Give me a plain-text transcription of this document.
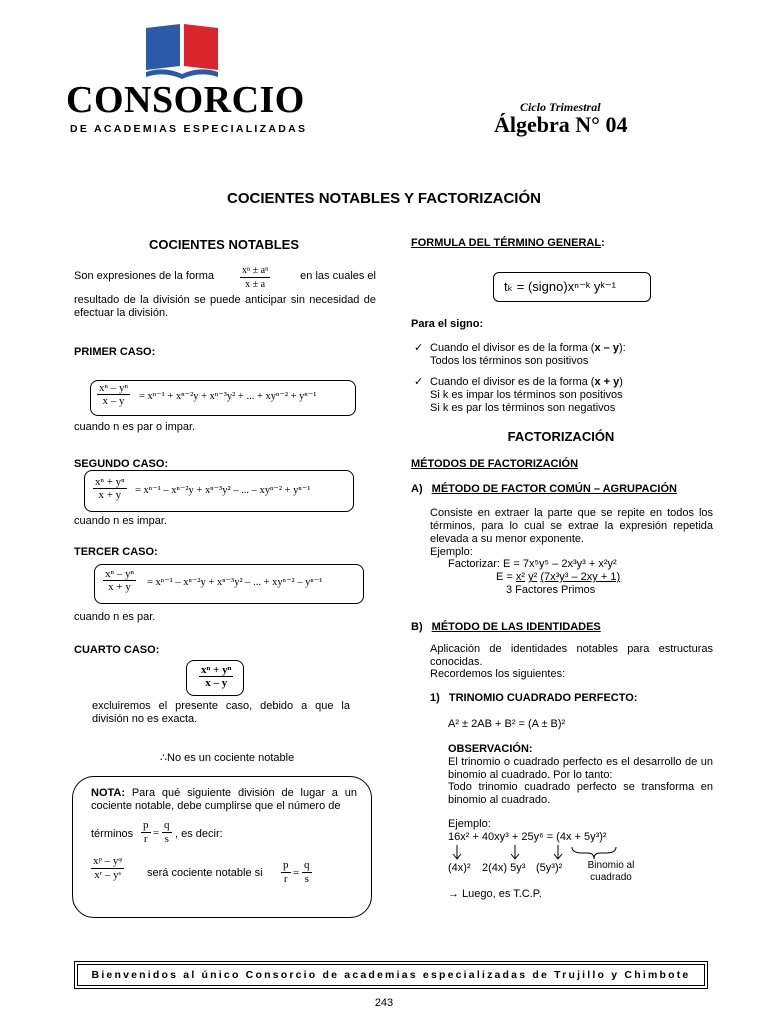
CONSORCIO
DE ACADEMIAS ESPECIALIZADAS
Ciclo Trimestral
Álgebra N° 04
COCIENTES NOTABLES Y FACTORIZACIÓN
COCIENTES NOTABLES
Son expresiones de la forma	$\frac{\text{xⁿ ± aⁿ}}{x \pm a}$	en las cuales el
resultado de la división se puede anticipar sin necesidad de efectuar la división.
PRIMER CASO:
$\frac{\text{xⁿ – yⁿ}}{x - y} = x^{n-1} + x^{n-2}y + x^{n-3}y^2$ + ... + xyⁿ⁻² + yⁿ⁻¹
cuando n es par o impar.
SEGUNDO CASO:
$\frac{\text{xⁿ + yⁿ}}{x + y} = x^{n-1} - x^{n-2}y + x^{n-3}y^2$ – ... – xyⁿ⁻² + yⁿ⁻¹
cuando n es impar.
TERCER CASO:
$\frac{\text{xⁿ – yⁿ}}{x + y} = x^{n-1} - x^{n-2}y + x^{n-3}y^2$ – ... + xyⁿ⁻² – yⁿ⁻¹
cuando n es par.
CUARTO CASO:
$\frac{\text{xⁿ + yⁿ}}{x - y}$
excluiremos el presente caso, debido a que la división no es exacta.
∴No es un cociente notable
NOTA: Para qué siguiente división de lugar a un cociente notable, debe cumplirse que el número de
términos $\frac{p}{r} = \frac{q}{s}$ , es decir:
$\frac{\text{xᵖ – yᵠ}}{\text{xʳ – yˢ}}$ será cociente notable si $\frac{p}{r} = \frac{q}{s}$
FORMULA DEL TÉRMINO GENERAL:
tₖ = (signo)xⁿ⁻ᵏ yᵏ⁻¹
Para el signo:
✓ Cuando el divisor es de la forma (x – y):
Todos los términos son positivos
✓ Cuando el divisor es de la forma (x + y)
Si k es impar los términos son positivos
Si k es par los términos son negativos
FACTORIZACIÓN
MÉTODOS DE FACTORIZACIÓN
A) MÉTODO DE FACTOR COMÚN – AGRUPACIÓN
Consiste en extraer la parte que se repite en todos los términos, para lo cual se extrae la expresión repetida elevada a su menor exponente.
Ejemplo:
Factorizar: E = 7x⁵y⁵ – 2x³y³ + x²y²
E = x² y² (7x³y³ – 2xy + 1)
3 Factores Primos
B) MÉTODO DE LAS IDENTIDADES
Aplicación de identidades notables para estructuras conocidas.
Recordemos los siguientes:
1) TRINOMIO CUADRADO PERFECTO:
A² ± 2AB + B² = (A ± B)²
OBSERVACIÓN:
El trinomio o cuadrado perfecto es el desarrollo de un binomio al cuadrado. Por lo tanto:
Todo trinomio cuadrado perfecto se transforma en binomio al cuadrado.
Ejemplo:
16x² + 40xy³ + 25y⁶ = (4x + 5y³)²
(4x)² 2(4x) 5y³ (5y³)²	Binomio al cuadrado
→ Luego, es T.C.P.
Bienvenidos al único Consorcio de academias especializadas de Trujillo y Chimbote
243
